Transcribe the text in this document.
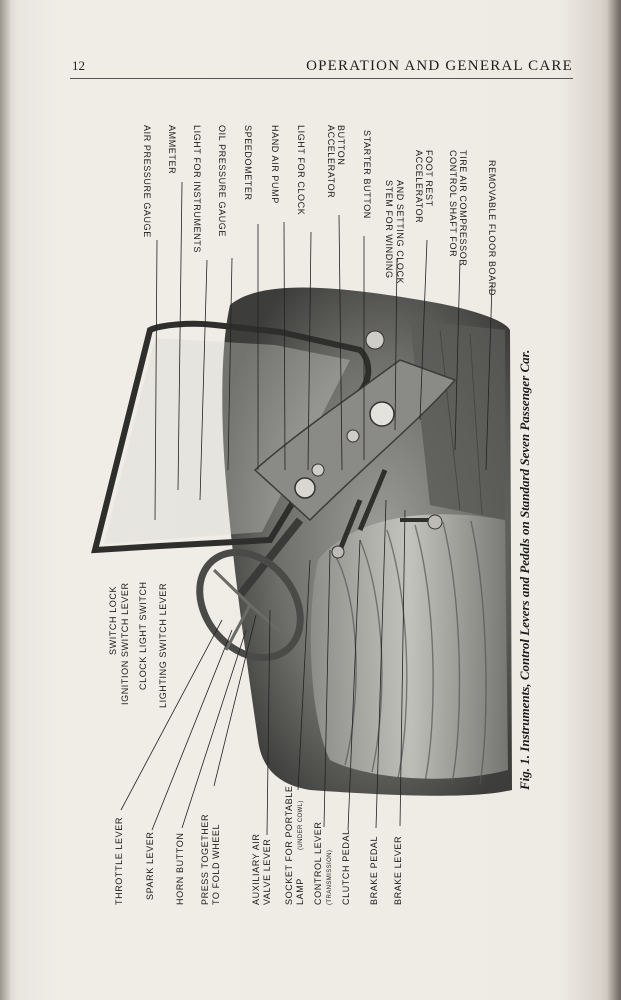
12	OPERATION AND GENERAL CARE
AIR PRESSURE GAUGE AMMETER LIGHT FOR INSTRUMENTS OIL PRESSURE GAUGE SPEEDOMETER HAND AIR PUMP LIGHT FOR CLOCK ACCELERATOR BUTTON STARTER BUTTON
STEM FOR WINDING AND SETTING CLOCK ACCELERATOR FOOT REST CONTROL SHAFT FOR TIRE AIR COMPRESSOR REMOVABLE FLOOR BOARD
SWITCH LOCK IGNITION SWITCH LEVER CLOCK LIGHT SWITCH LIGHTING SWITCH LEVER
THROTTLE LEVER SPARK LEVER HORN BUTTON PRESS TOGETHER TO FOLD WHEEL	AUXILIARY AIR VALVE LEVER SOCKET FOR PORTABLE LAMP
(UNDER COWL) CONTROL LEVER (TRANSMISSION) CLUTCH PEDAL BRAKE PEDAL BRAKE LEVER
Fig. 1. Instruments, Control Levers and Pedals on Standard Seven Passenger Car.
